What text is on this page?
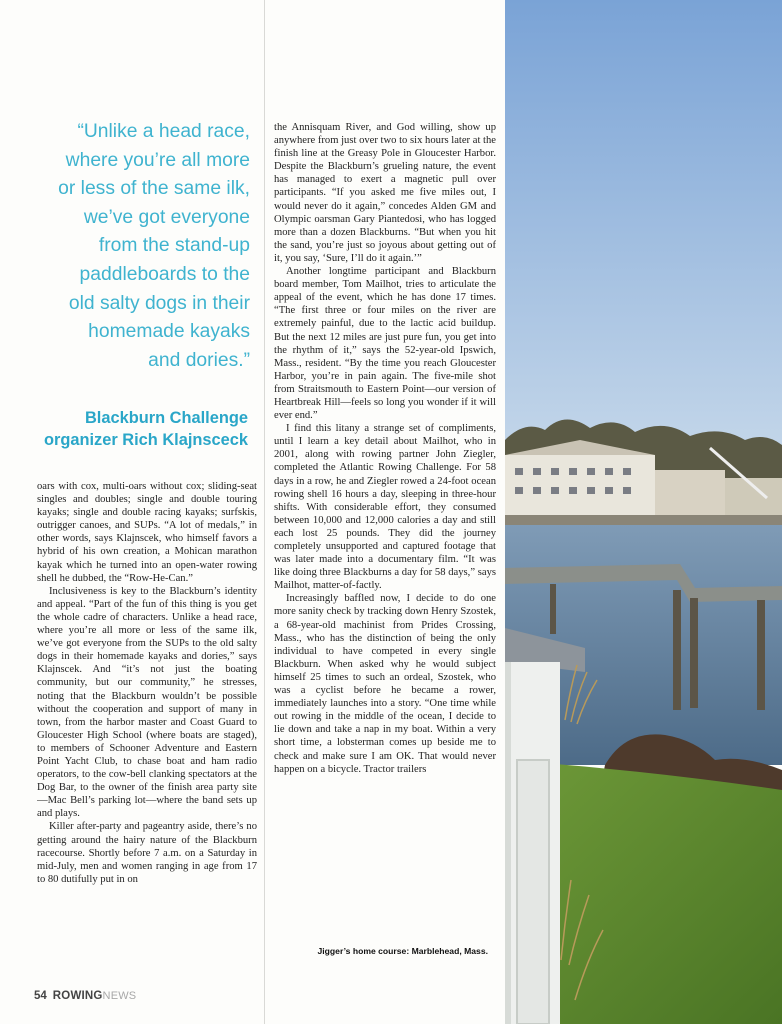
“Unlike a head race,
where you’re all more
or less of the same ilk,
we’ve got everyone
from the stand-up
paddleboards to the
old salty dogs in their
homemade kayaks
and dories.”
Blackburn Challenge
organizer Rich Klajnsceck

oars with cox, multi-oars without cox; sliding-seat singles and doubles; single and double touring kayaks; single and double racing kayaks; surfskis, outrigger canoes, and SUPs. “A lot of medals,” in other words, says Klajnscek, who himself favors a hybrid of his own creation, a Mohican marathon kayak which he turned into an open-water rowing shell he dubbed, the “Row-He-Can.”

Inclusiveness is key to the Blackburn’s identity and appeal. “Part of the fun of this thing is you get the whole cadre of characters. Unlike a head race, where you’re all more or less of the same ilk, we’ve got everyone from the SUPs to the old salty dogs in their homemade kayaks and dories,” says Klajnscek. And “it’s not just the boating community, but our community,” he stresses, noting that the Blackburn wouldn’t be possible without the cooperation and support of many in town, from the harbor master and Coast Guard to Gloucester High School (where boats are staged), to members of Schooner Adventure and Eastern Point Yacht Club, to chase boat and ham radio operators, to the cow-bell clanking spectators at the Dog Bar, to the owner of the finish area party site—Mac Bell’s parking lot—where the band sets up and plays.

Killer after-party and pageantry aside, there’s no getting around the hairy nature of the Blackburn racecourse. Shortly before 7 a.m. on a Saturday in mid-July, men and women ranging in age from 17 to 80 dutifully put in on

the Annisquam River, and God willing, show up anywhere from just over two to six hours later at the finish line at the Greasy Pole in Gloucester Harbor. Despite the Blackburn’s grueling nature, the event has managed to exert a magnetic pull over participants. “If you asked me five miles out, I would never do it again,” concedes Alden GM and Olympic oarsman Gary Piantedosi, who has logged more than a dozen Blackburns. “But when you hit the sand, you’re just so joyous about getting out of it, you say, ‘Sure, I’ll do it again.’”

Another longtime participant and Blackburn board member, Tom Mailhot, tries to articulate the appeal of the event, which he has done 17 times. “The first three or four miles on the river are extremely painful, due to the lactic acid buildup. But the next 12 miles are just pure fun, you get into the rhythm of it,” says the 52-year-old Ipswich, Mass., resident. “By the time you reach Gloucester Harbor, you’re in pain again. The five-mile shot from Straitsmouth to Eastern Point—our version of Heartbreak Hill—feels so long you wonder if it will ever end.”

I find this litany a strange set of compliments, until I learn a key detail about Mailhot, who in 2001, along with rowing partner John Ziegler, completed the Atlantic Rowing Challenge. For 58 days in a row, he and Ziegler rowed a 24-foot ocean rowing shell 16 hours a day, sleeping in three-hour shifts. With considerable effort, they consumed between 10,000 and 12,000 calories a day and still each lost 25 pounds. They did the journey completely unsupported and captured footage that was later made into a documentary film. “It was like doing three Blackburns a day for 58 days,” says Mailhot, matter-of-factly.

Increasingly baffled now, I decide to do one more sanity check by tracking down Henry Szostek, a 68-year-old machinist from Prides Crossing, Mass., who has the distinction of being the only individual to have competed in every single Blackburn. When asked why he would subject himself 25 times to such an ordeal, Szostek, who was a cyclist before he became a rower, immediately launches into a story. “One time while out rowing in the middle of the ocean, I decide to lie down and take a nap in my boat. Within a very short time, a lobsterman comes up beside me to check and make sure I am OK. That would never happen on a bicycle. Tractor trailers

Jigger’s home course: Marblehead, Mass.
54 ROWINGNEWS
